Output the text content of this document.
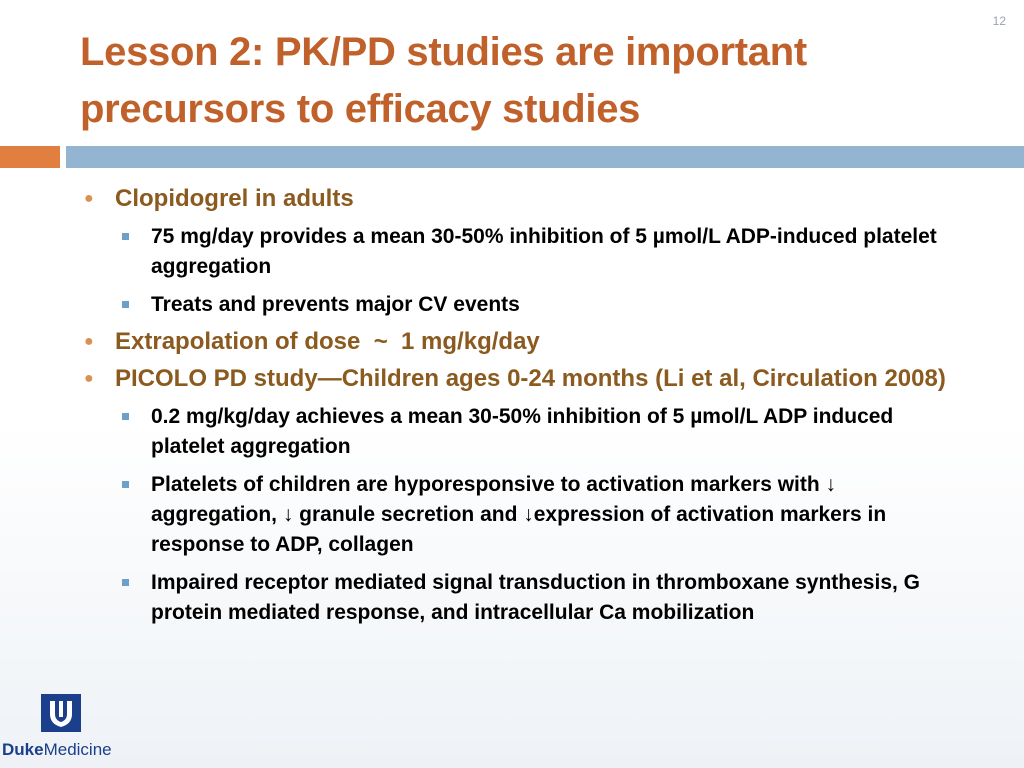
12
Lesson 2: PK/PD studies are important precursors to efficacy studies
●
Clopidogrel in adults
75 mg/day provides a mean 30-50% inhibition of 5 µmol/L ADP-induced platelet aggregation
Treats and prevents major CV events
●
Extrapolation of dose  ~  1 mg/kg/day
●
PICOLO PD study—Children ages 0-24 months (Li et al, Circulation 2008)
0.2 mg/kg/day achieves a mean 30-50% inhibition of 5 µmol/L ADP induced platelet aggregation
Platelets of children are hyporesponsive to activation markers with ↓ aggregation, ↓ granule secretion and ↓expression of activation markers in response to ADP, collagen
Impaired receptor mediated signal transduction in thromboxane synthesis, G protein mediated response, and intracellular Ca mobilization
DukeMedicine
